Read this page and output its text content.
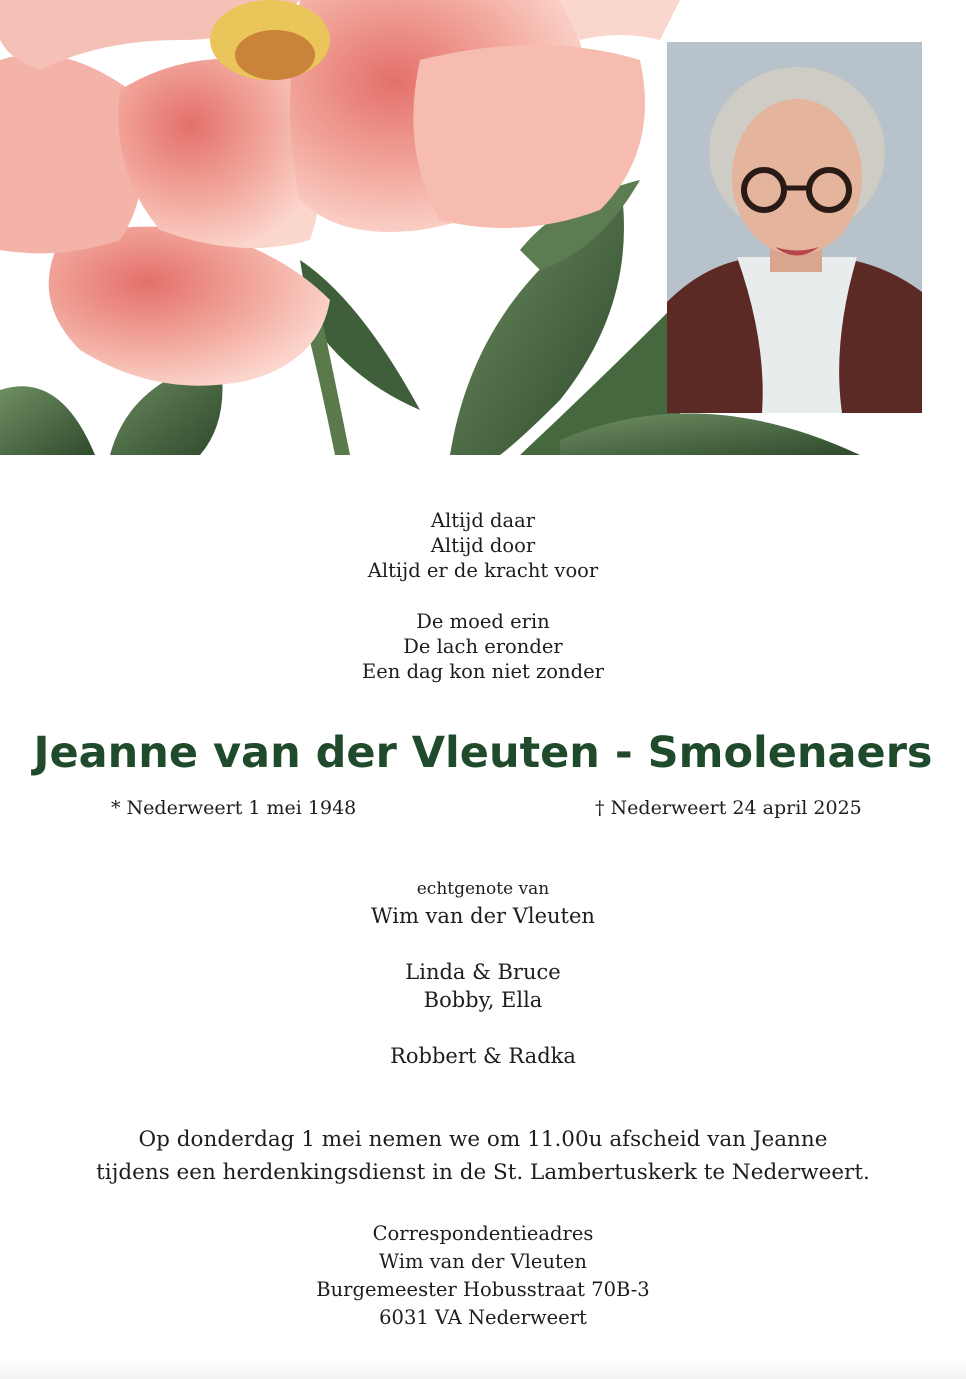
Altijd daar
Altijd door
Altijd er de kracht voor
De moed erin
De lach eronder
Een dag kon niet zonder
Jeanne van der Vleuten - Smolenaers
* Nederweert 1 mei 1948	† Nederweert 24 april 2025
echtgenote van
Wim van der Vleuten
Linda & Bruce
Bobby, Ella
Robbert & Radka
Op donderdag 1 mei nemen we om 11.00u afscheid van Jeanne
tijdens een herdenkingsdienst in de St. Lambertuskerk te Nederweert.
Correspondentieadres
Wim van der Vleuten
Burgemeester Hobusstraat 70B-3
6031 VA Nederweert
